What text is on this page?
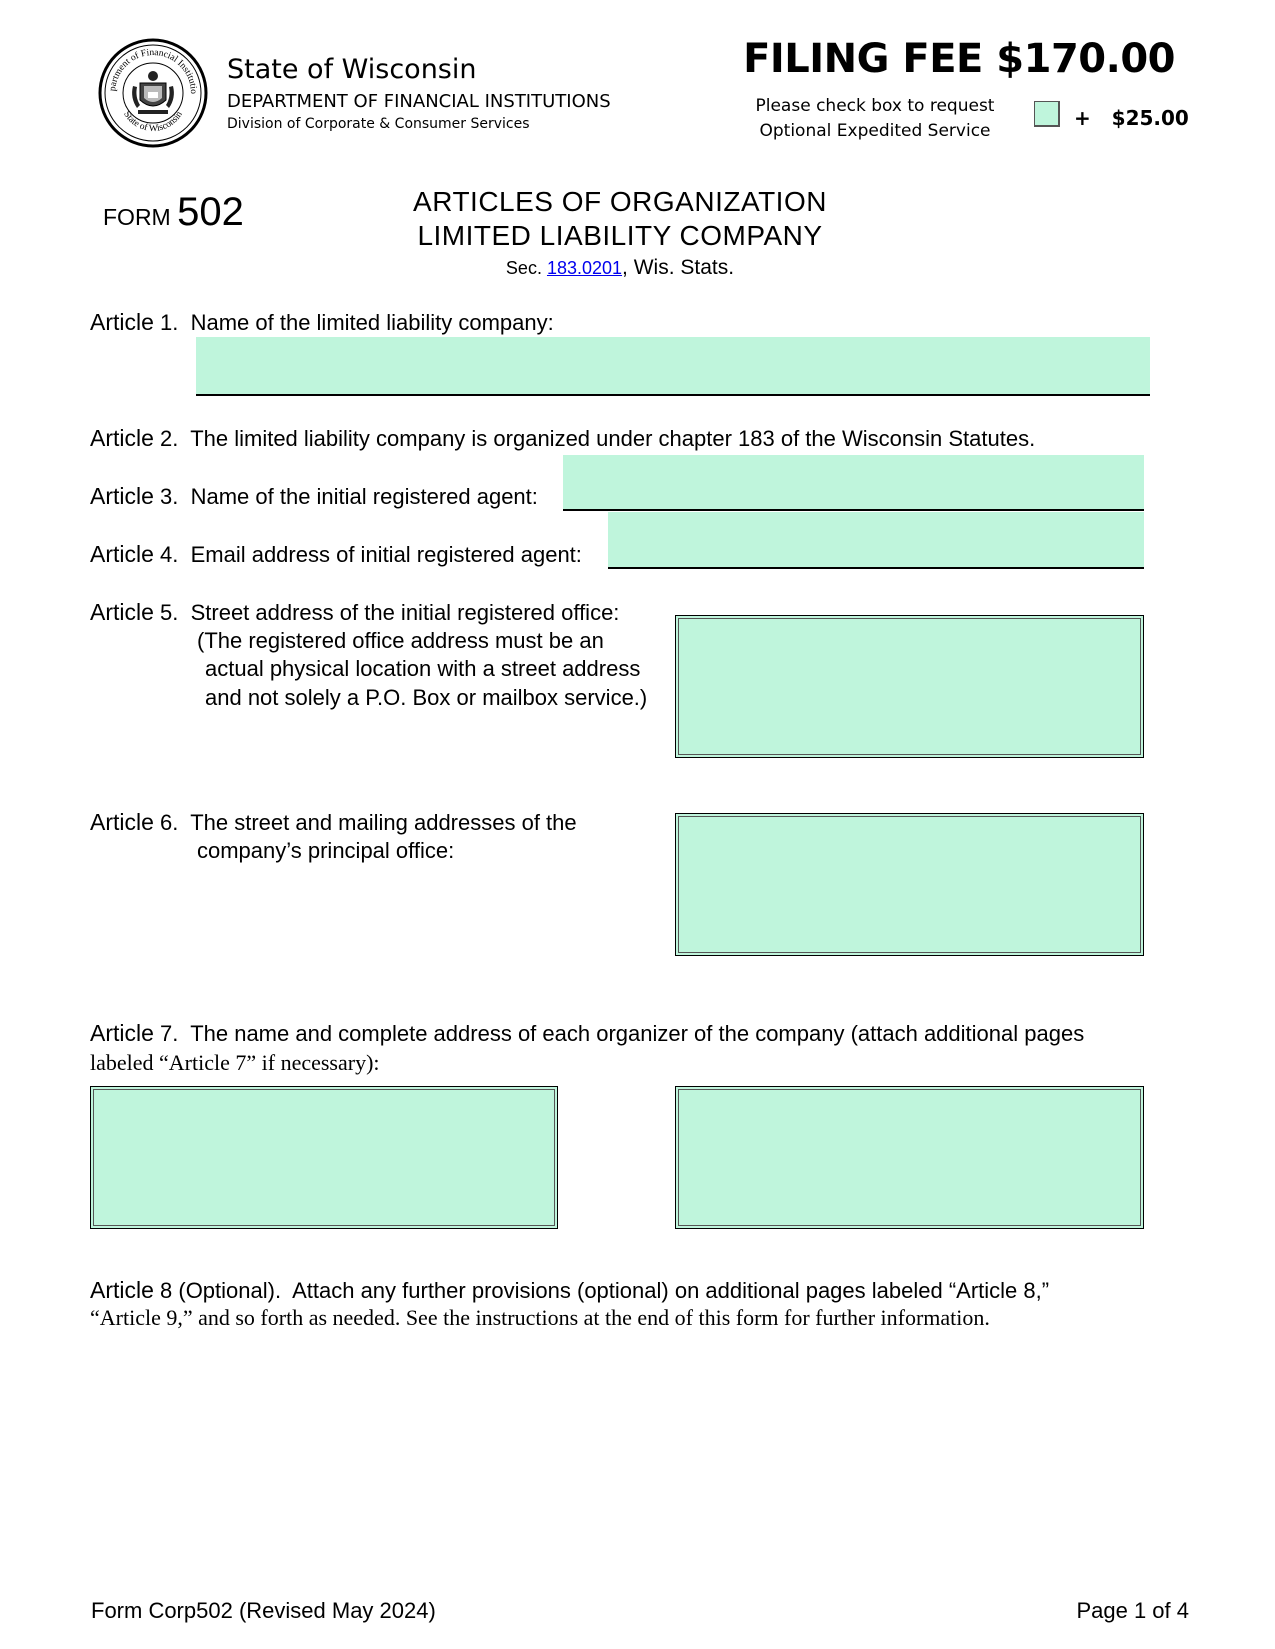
partment of Financial Institutio
State of Wisconsin
State of Wisconsin
DEPARTMENT OF FINANCIAL INSTITUTIONS
Division of Corporate & Consumer Services
FILING FEE $170.00
Please check box to request
Optional Expedited Service
+   $25.00
FORM 502	ARTICLES OF ORGANIZATION
LIMITED LIABILITY COMPANY
Sec. 183.0201, Wis. Stats.
Article 1.  Name of the limited liability company:
Article 2.  The limited liability company is organized under chapter 183 of the Wisconsin Statutes.
Article 3.  Name of the initial registered agent:
Article 4.  Email address of initial registered agent:
Article 5.  Street address of the initial registered office:
(The registered office address must be an
actual physical location with a street address
and not solely a P.O. Box or mailbox service.)
Article 6.  The street and mailing addresses of the
company’s principal office:
Article 7.  The name and complete address of each organizer of the company (attach additional pages
labeled “Article 7” if necessary):
Article 8 (Optional).  Attach any further provisions (optional) on additional pages labeled “Article 8,”
“Article 9,” and so forth as needed. See the instructions at the end of this form for further information.
Form Corp502 (Revised May 2024)	Page 1 of 4
